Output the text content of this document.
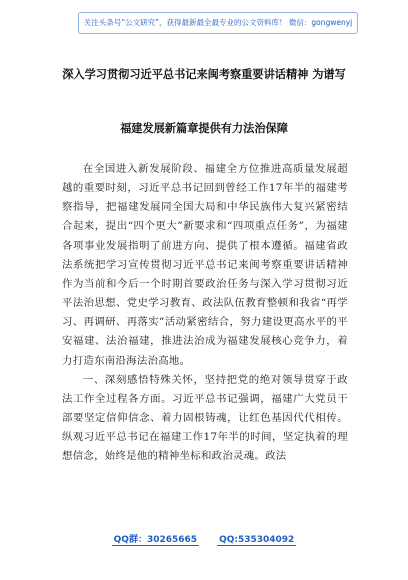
关注头条号“公文研究”，获得最新最全最专业的公文资料库！ 微信：gongwenyj
深入学习贯彻习近平总书记来闽考察重要讲话精神 为谱写
福建发展新篇章提供有力法治保障

在全国进入新发展阶段、福建全方位推进高质量发展超越的重要时刻，习近平总书记回到曾经工作17年半的福建考察指导，把福建发展同全国大局和中华民族伟大复兴紧密结合起来，提出“四个更大”新要求和“四项重点任务”，为福建各项事业发展指明了前进方向、提供了根本遵循。福建省政法系统把学习宣传贯彻习近平总书记来闽考察重要讲话精神作为当前和今后一个时期首要政治任务与深入学习贯彻习近平法治思想、党史学习教育、政法队伍教育整顿和我省“再学习、再调研、再落实”活动紧密结合，努力建设更高水平的平安福建、法治福建，推进法治成为福建发展核心竞争力，着力打造东南沿海法治高地。

一、深刻感悟特殊关怀，坚持把党的绝对领导贯穿于政法工作全过程各方面。习近平总书记强调，福建广大党员干部要坚定信仰信念、着力固根铸魂，让红色基因代代相传。纵观习近平总书记在福建工作17年半的时间，坚定执着的理想信念，始终是他的精神坐标和政治灵魂。政法

QQ群：30265665 QQ:535304092
